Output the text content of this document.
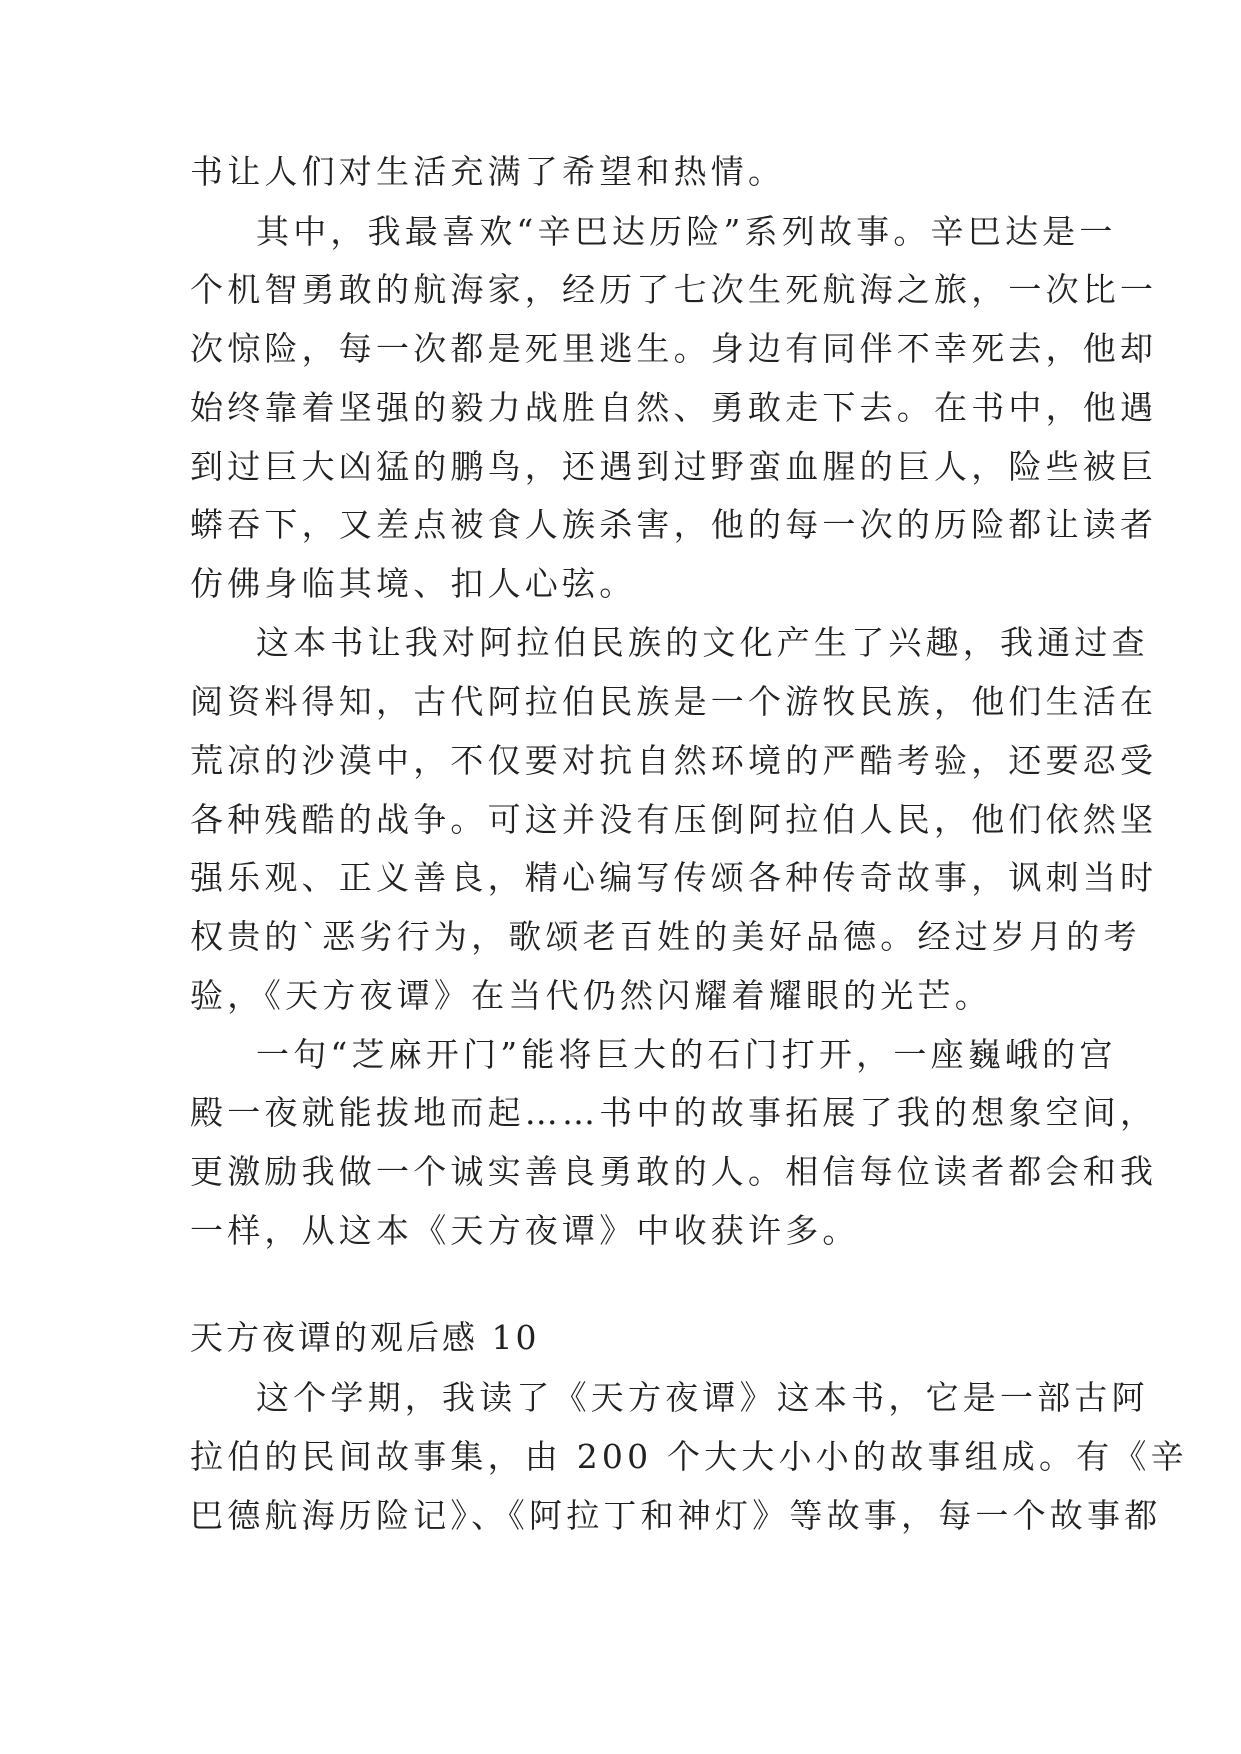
书让人们对生活充满了希望和热情。

其中，我最喜欢“辛巴达历险”系列故事。辛巴达是一

个机智勇敢的航海家，经历了七次生死航海之旅，一次比一

次惊险，每一次都是死里逃生。身边有同伴不幸死去，他却

始终靠着坚强的毅力战胜自然、勇敢走下去。在书中，他遇

到过巨大凶猛的鹏鸟，还遇到过野蛮血腥的巨人，险些被巨

蟒吞下，又差点被食人族杀害，他的每一次的历险都让读者

仿佛身临其境、扣人心弦。

这本书让我对阿拉伯民族的文化产生了兴趣，我通过查

阅资料得知，古代阿拉伯民族是一个游牧民族，他们生活在

荒凉的沙漠中，不仅要对抗自然环境的严酷考验，还要忍受

各种残酷的战争。可这并没有压倒阿拉伯人民，他们依然坚

强乐观、正义善良，精心编写传颂各种传奇故事，讽刺当时

权贵的`恶劣行为，歌颂老百姓的美好品德。经过岁月的考

验，《天方夜谭》在当代仍然闪耀着耀眼的光芒。

一句“芝麻开门”能将巨大的石门打开，一座巍峨的宫

殿一夜就能拔地而起……书中的故事拓展了我的想象空间，

更激励我做一个诚实善良勇敢的人。相信每位读者都会和我

一样，从这本《天方夜谭》中收获许多。

天方夜谭的观后感 10

这个学期，我读了《天方夜谭》这本书，它是一部古阿

拉伯的民间故事集，由 200 个大大小小的故事组成。有《辛

巴德航海历险记》、《阿拉丁和神灯》等故事，每一个故事都
